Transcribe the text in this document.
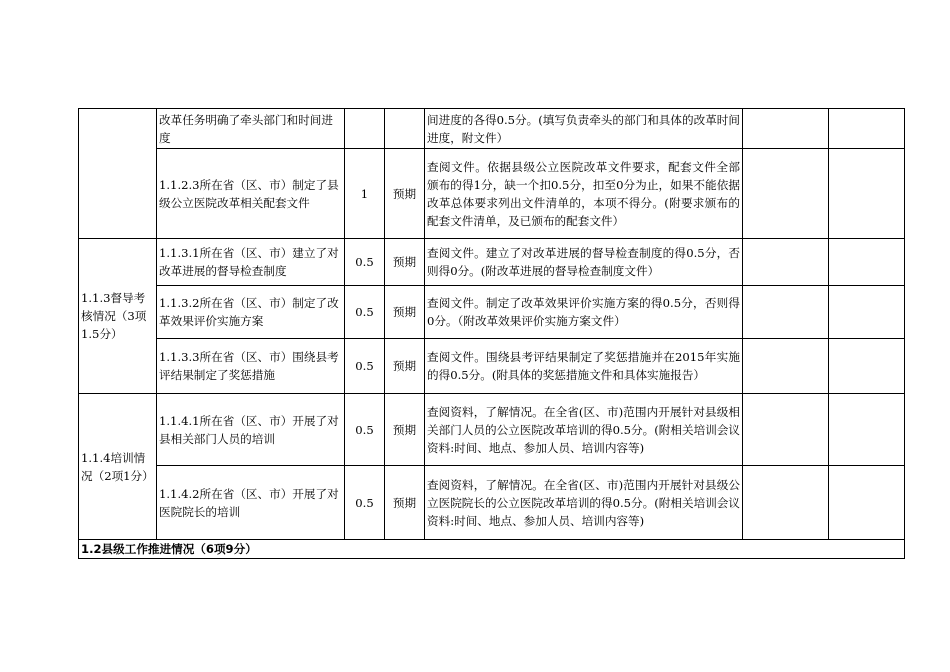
	改革任务明确了牵头部门和时间进度			间进度的各得0.5分。(填写负责牵头的部门和具体的改革时间进度，附文件）		
	1.1.2.3所在省（区、市）制定了县级公立医院改革相关配套文件	1	预期	查阅文件。依据县级公立医院改革文件要求，配套文件全部颁布的得1分，缺一个扣0.5分，扣至0分为止，如果不能依据改革总体要求列出文件清单的，本项不得分。(附要求颁布的配套文件清单，及已颁布的配套文件）		
1.1.3督导考核情况（3项1.5分）	1.1.3.1所在省（区、市）建立了对改革进展的督导检查制度	0.5	预期	查阅文件。建立了对改革进展的督导检查制度的得0.5分，否则得0分。(附改革进展的督导检查制度文件）		
	1.1.3.2所在省（区、市）制定了改革效果评价实施方案	0.5	预期	查阅文件。制定了改革效果评价实施方案的得0.5分，否则得0分。（附改革效果评价实施方案文件）		
	1.1.3.3所在省（区、市）围绕县考评结果制定了奖惩措施	0.5	预期	查阅文件。围绕县考评结果制定了奖惩措施并在2015年实施的得0.5分。(附具体的奖惩措施文件和具体实施报告）		
1.1.4培训情况（2项1分）	1.1.4.1所在省（区、市）开展了对县相关部门人员的培训	0.5	预期	查阅资料，了解情况。在全省(区、市)范围内开展针对县级相关部门人员的公立医院改革培训的得0.5分。(附相关培训会议资料:时间、地点、参加人员、培训内容等)		
	1.1.4.2所在省（区、市）开展了对医院院长的培训	0.5	预期	查阅资料，了解情况。在全省(区、市)范围内开展针对县级公立医院院长的公立医院改革培训的得0.5分。(附相关培训会议资料:时间、地点、参加人员、培训内容等)		
1.2县级工作推进情况（6项9分）						
